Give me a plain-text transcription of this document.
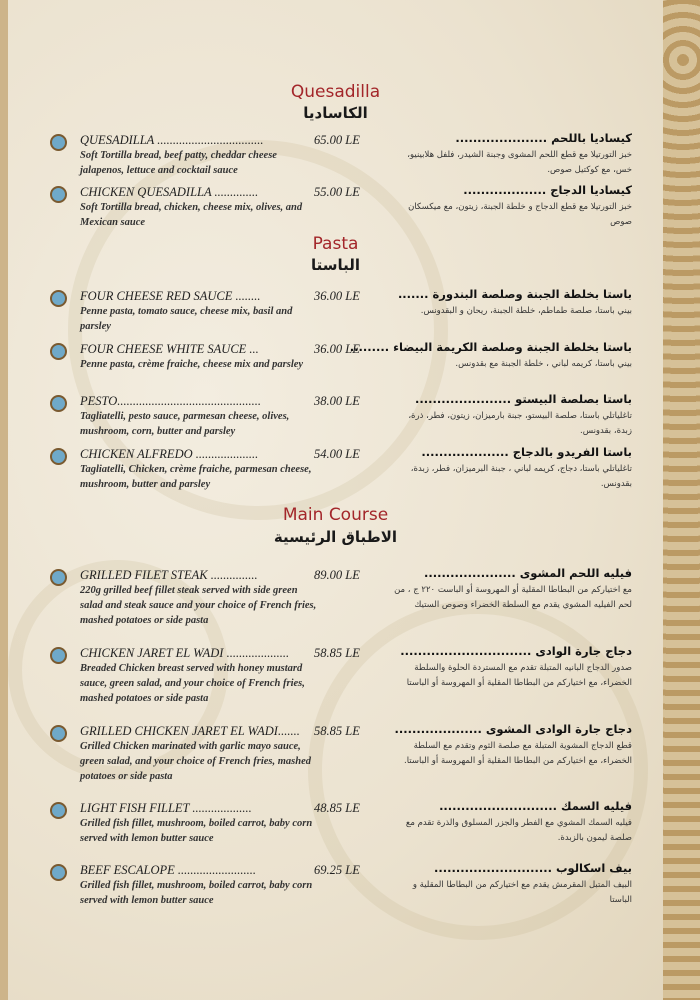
Quesadilla
الكاساديا
QUESADILLA ..................................	65.00 LE
Soft Tortilla bread, beef patty, cheddar cheese jalapenos, lettuce and cocktail sauce
كيساديا باللحم .....................
خبز التورتيلا مع قطع اللحم المشوى وجبنة الشيدر، فلفل هلابينيو، خس، مع كوكتيل صوص.
CHICKEN QUESADILLA ..............	55.00 LE
Soft Tortilla bread, chicken, cheese mix, olives, and Mexican sauce
كيساديا الدجاج ...................
خبز التورتيلا مع قطع الدجاج و خلطة الجبنة، زيتون، مع ميكسكان صوص
Pasta
الباستا
FOUR CHEESE RED SAUCE ........	36.00 LE
Penne pasta, tomato sauce, cheese mix, basil and parsley
باستا بخلطة الجبنة وصلصة البندورة .......
بيني باستا، صلصة طماطم، خلطة الجبنة، ريحان و البقدونس.
FOUR CHEESE WHITE SAUCE ...	36.00 LE
Penne pasta, crème fraiche, cheese mix and parsley
باستا بخلطة الجبنة وصلصة الكريمة البيضاء .........
بيني باستا، كريمه لباني ، خلطة الجبنة مع بقدونس.
PESTO..............................................	38.00 LE
Tagliatelli, pesto sauce, parmesan cheese, olives, mushroom, corn, butter and parsley
باستا بصلصة البيستو ......................
تاغلياتلي باستا، صلصة البيستو، جبنة بارميزان، زيتون، فطر، ذرة، زبدة، بقدونس.
CHICKEN ALFREDO ....................	54.00 LE
Tagliatelli, Chicken, crème fraiche, parmesan cheese, mushroom, butter and parsley
باستا الفريدو بالدجاج ....................
تاغلياتلي باستا، دجاج، كريمه لباني ، جبنة البرميزان، فطر، زبدة، بقدونس.
Main Course
الاطباق الرئيسية
GRILLED FILET STEAK ...............	89.00 LE
220g grilled beef fillet steak served with side green salad and steak sauce and your choice of French fries, mashed potatoes or side pasta
فيليه اللحم المشوى .....................
مع اختياركم من البطاطا المقلية أو المهروسة أو الباست ٢٢٠ ج ، من لحم الفيليه المشوي يقدم مع السلطة الخضراء وصوص الستيك
CHICKEN JARET EL WADI .................... 58.85 LE
Breaded Chicken breast served with honey mustard sauce, green salad, and your choice of French fries, mashed potatoes or side pasta
دجاج جارة الوادى ..............................
صدور الدجاج البانيه المتبلة تقدم مع المستردة الحلوة والسلطة الخضراء، مع اختياركم من البطاطا المقلية أو المهروسة أو الباستا
GRILLED CHICKEN JARET EL WADI....... 58.85 LE
Grilled Chicken marinated with garlic mayo sauce, green salad, and your choice of French fries, mashed potatoes or side pasta
دجاج جارة الوادى المشوى ....................
قطع الدجاج المشوية المتبلة مع صلصة الثوم وتقدم مع السلطة الخضراء، مع اختياركم من البطاطا المقلية أو المهروسة أو الباستا.
LIGHT FISH FILLET ...................	48.85 LE
Grilled fish fillet, mushroom, boiled carrot, baby corn served with lemon butter sauce
فيليه السمك ...........................
فيليه السمك المشوي مع الفطر والجزر المسلوق والذرة تقدم مع صلصة ليمون بالزبدة.
BEEF ESCALOPE .........................	69.25 LE
Grilled fish fillet, mushroom, boiled carrot, baby corn served with lemon butter sauce
بيف اسكالوب ...........................
البيف المتبل المقرمش يقدم مع اختياركم من البطاطا المقلية و الباستا
